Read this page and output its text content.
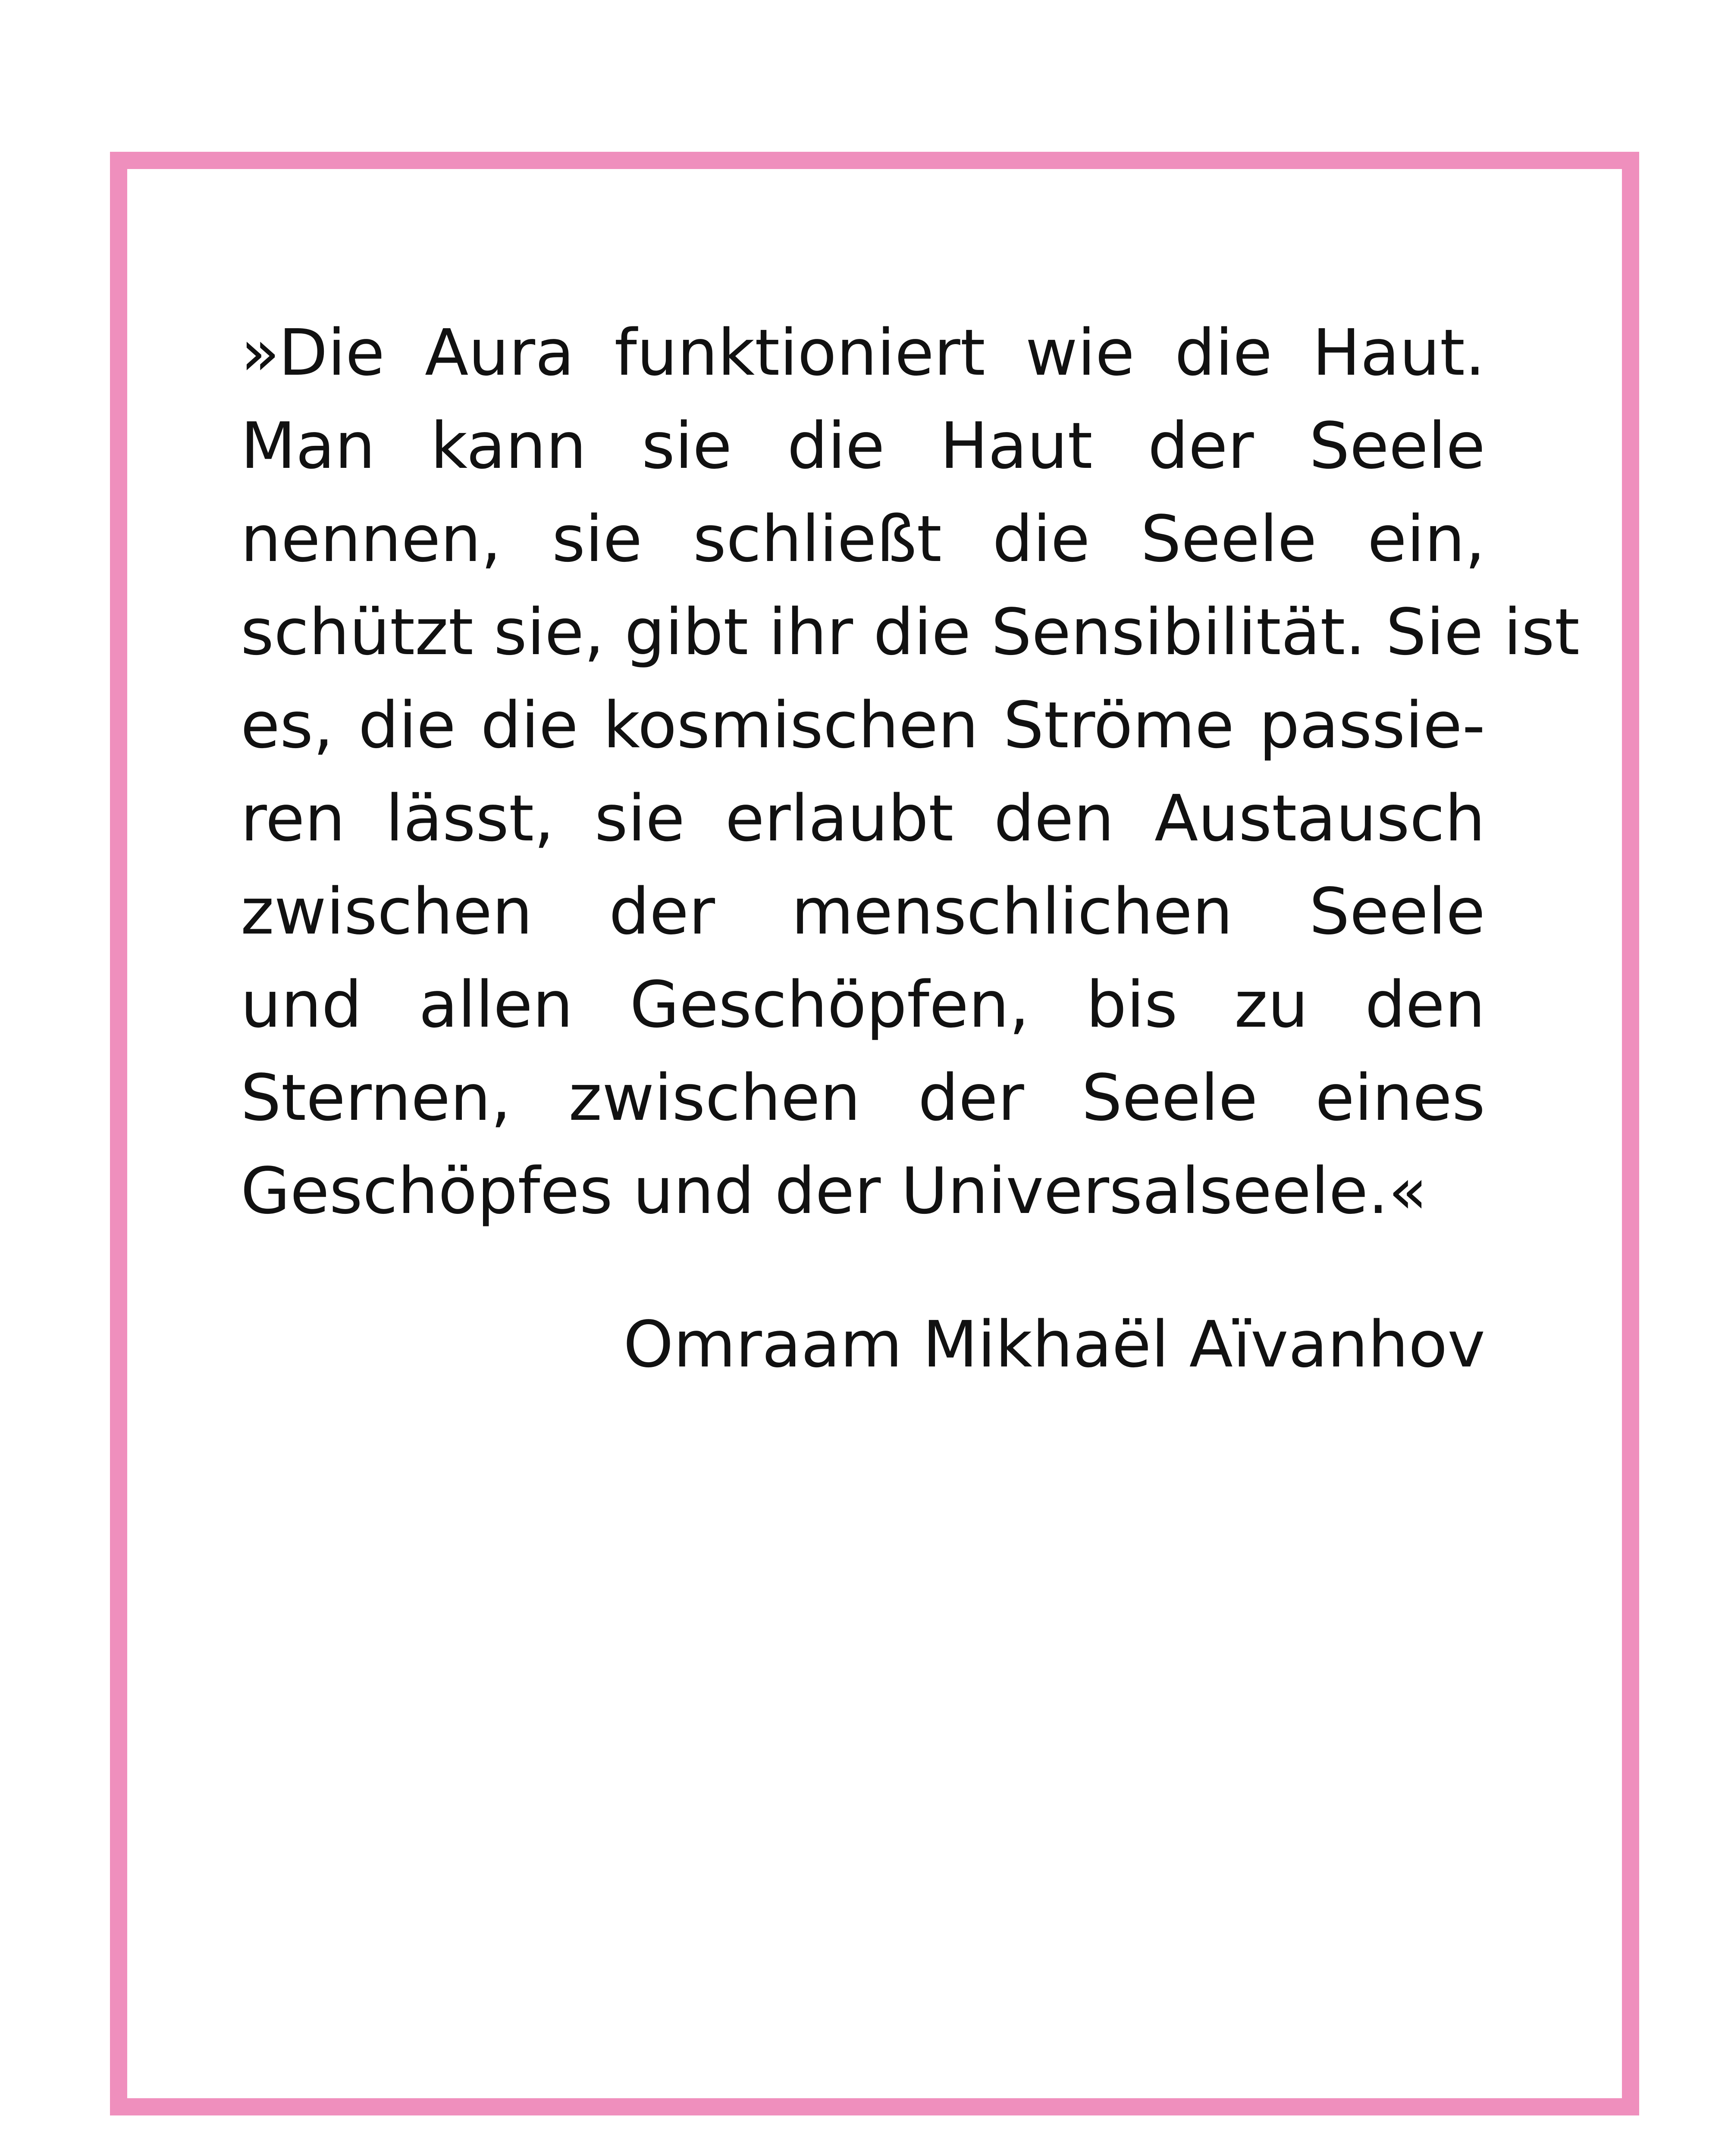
»Die Aura funktioniert wie die Haut.
Man kann sie die Haut der Seele
nennen, sie schließt die Seele ein,
schützt sie, gibt ihr die Sensibilität. Sie ist
es, die die kosmischen Ströme passie-
ren lässt, sie erlaubt den Austausch
zwischen der menschlichen Seele
und allen Geschöpfen, bis zu den
Sternen, zwischen der Seele eines
Geschöpfes und der Universalseele.«
Omraam Mikhaël Aïvanhov
